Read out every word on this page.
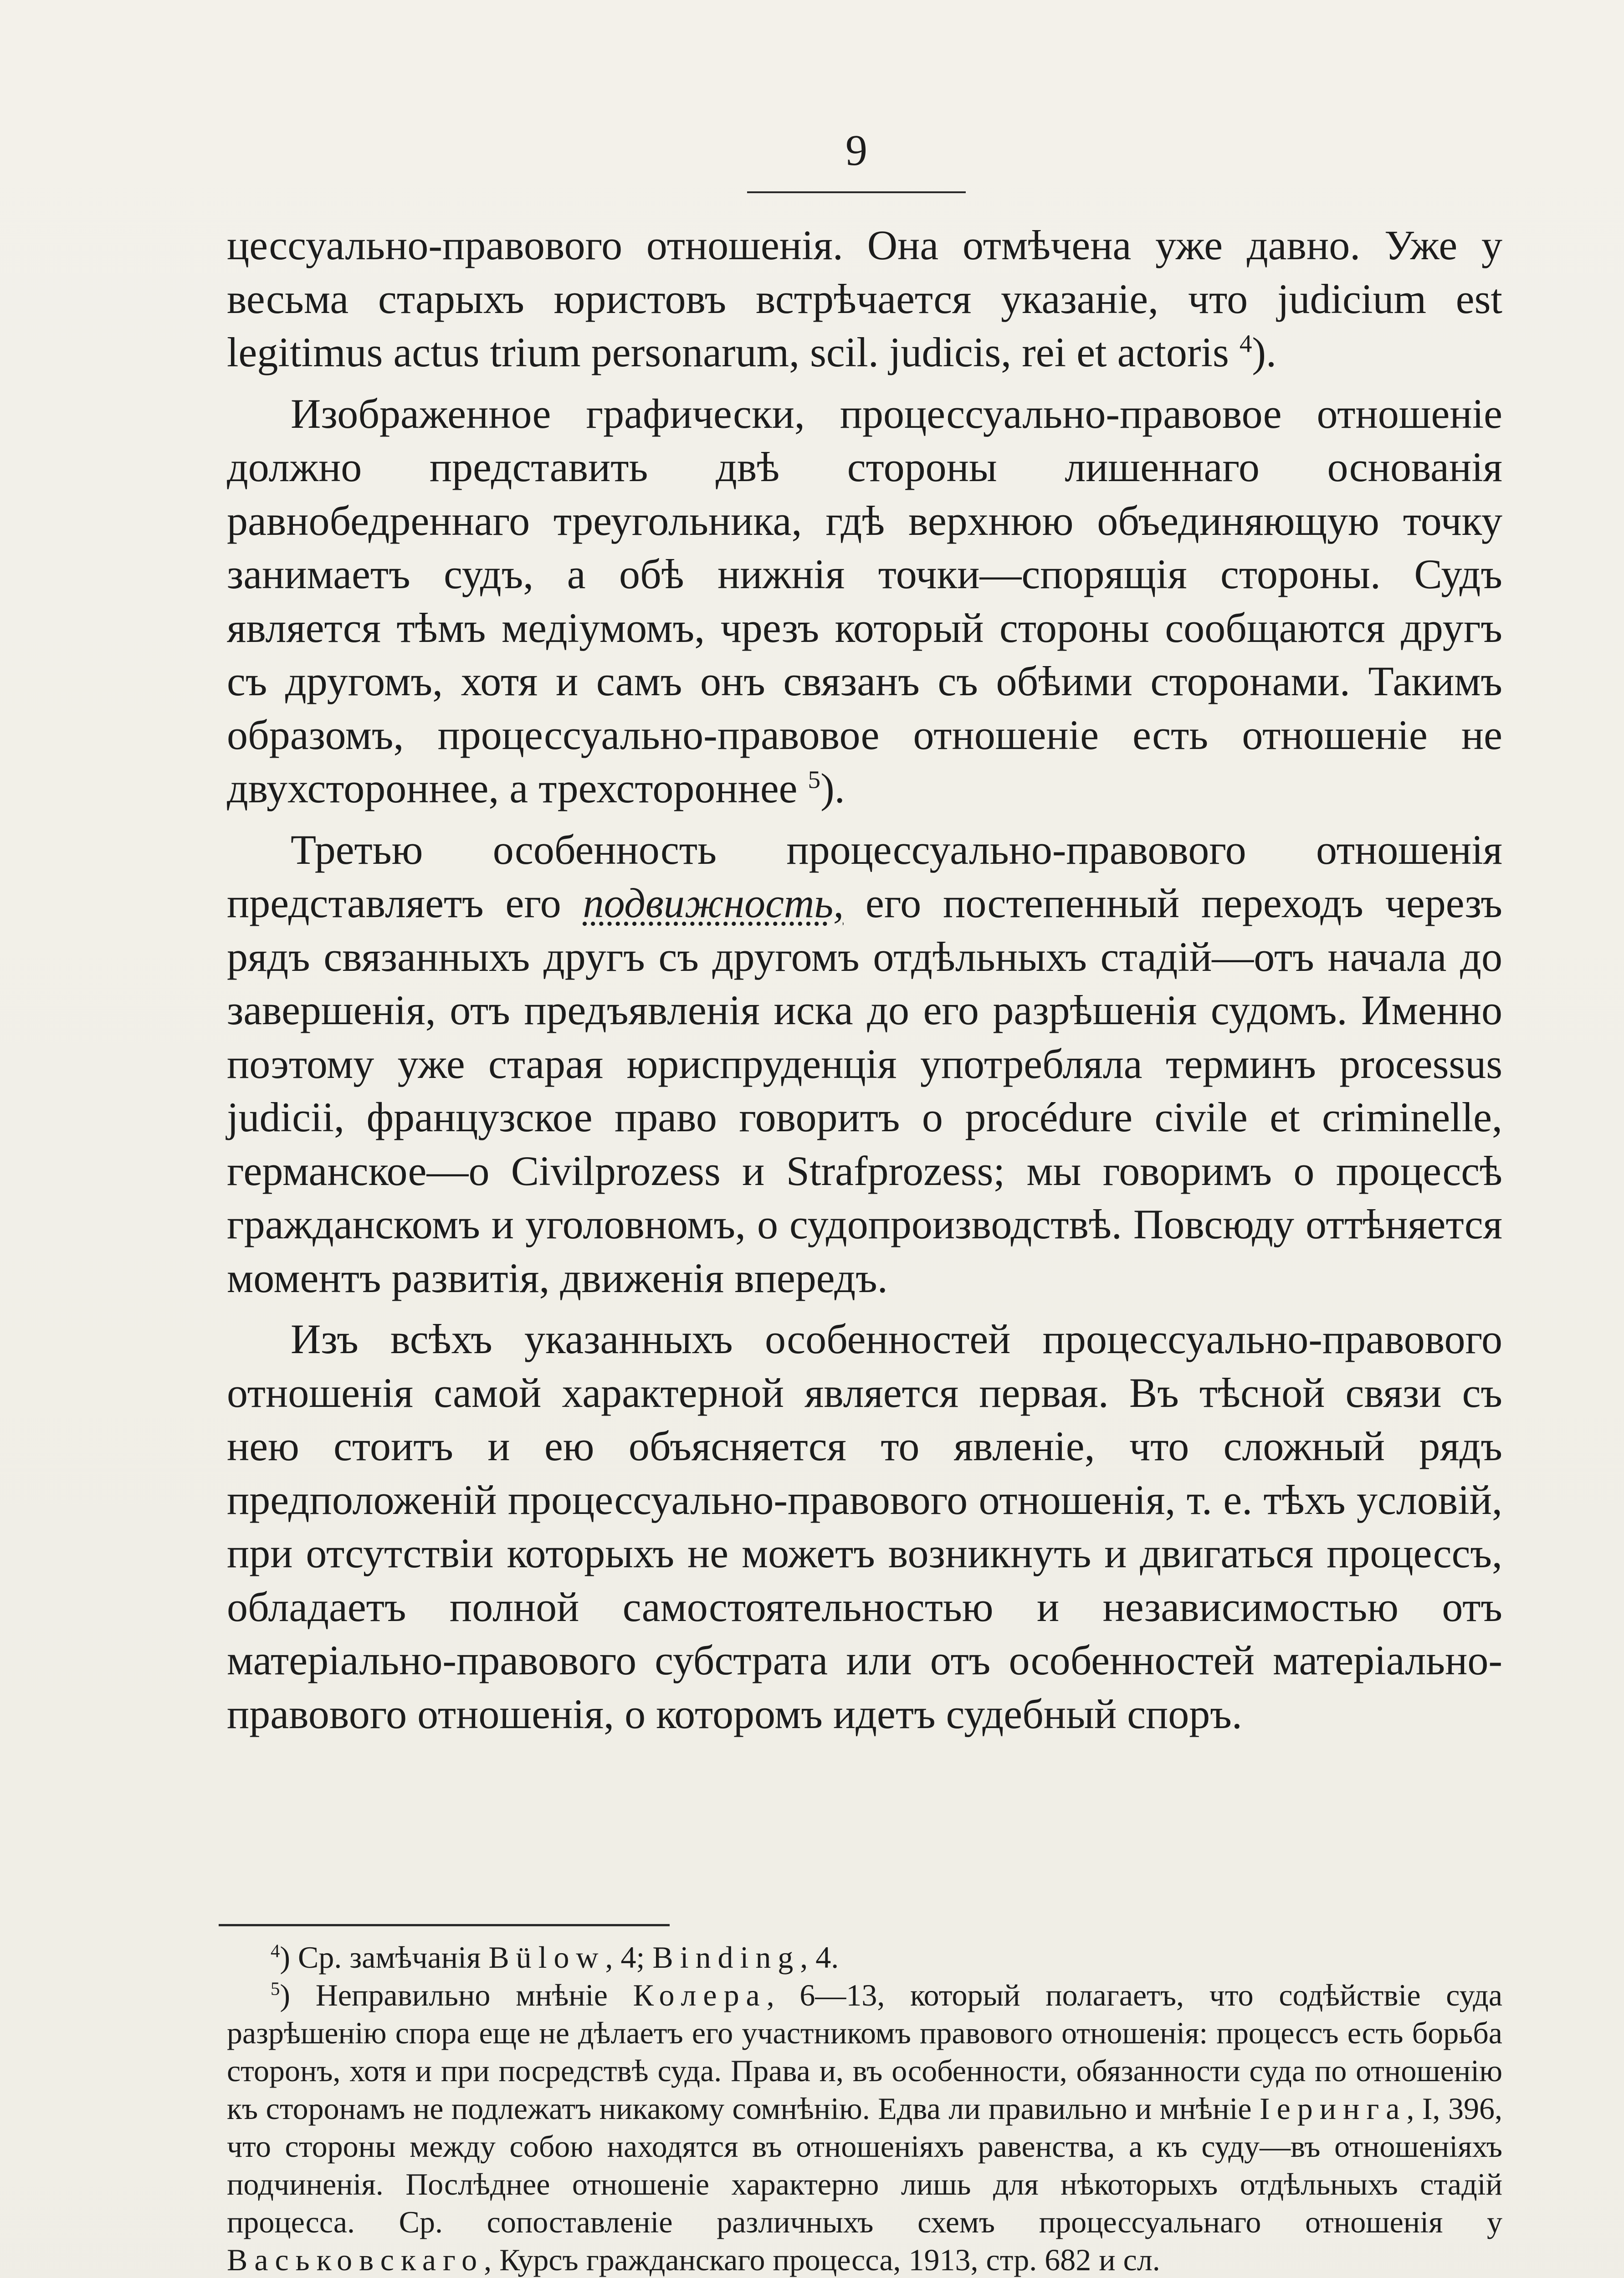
9

цессуально-правового отношенія. Она отмѣчена уже давно. Уже у весьма старыхъ юристовъ встрѣчается указаніе, что judicium est legitimus actus trium personarum, scil. judicis, rei et actoris $^4$).

Изображенное графически, процессуально-правовое отношеніе должно представить двѣ стороны лишеннаго основанія равнобедреннаго треугольника, гдѣ верхнюю объединяющую точку занимаетъ судъ, а обѣ нижнія точки—спорящія стороны. Судъ является тѣмъ медіумомъ, чрезъ который стороны сообщаются другъ съ другомъ, хотя и самъ онъ связанъ съ обѣими сторонами. Такимъ образомъ, процессуально-правовое отношеніе есть отношеніе не двухстороннее, а трехстороннее $^5$).

Третью особенность процессуально-правового отношенія представляетъ его подвижность, его постепенный переходъ черезъ рядъ связанныхъ другъ съ другомъ отдѣльныхъ стадій—отъ начала до завершенія, отъ предъявленія иска до его разрѣшенія судомъ. Именно поэтому уже старая юриспруденція употребляла терминъ processus judicii, французское право говоритъ о procédure civile et criminelle, германское—о Civilprozess и Strafprozess; мы говоримъ о процессѣ гражданскомъ и уголовномъ, о судопроизводствѣ. Повсюду оттѣняется моментъ развитія, движенія впередъ.

Изъ всѣхъ указанныхъ особенностей процессуально-правового отношенія самой характерной является первая. Въ тѣсной связи съ нею стоитъ и ею объясняется то явленіе, что сложный рядъ предположеній процессуально-правового отношенія, т. е. тѣхъ условій, при отсутствіи которыхъ не можетъ возникнуть и двигаться процессъ, обладаетъ полной самостоятельностью и независимостью отъ матеріально-правового субстрата или отъ особенностей матеріально-правового отношенія, о которомъ идетъ судебный споръ.

$^4$) Ср. замѣчанія Bülow, 4; Binding, 4.

$^5$) Неправильно мнѣніе Колера, 6—13, который полагаетъ, что содѣйствіе суда разрѣшенію спора еще не дѣлаетъ его участникомъ правового отношенія: процессъ есть борьба сторонъ, хотя и при посредствѣ суда. Права и, въ особенности, обязанности суда по отношенію къ сторонамъ не подлежатъ никакому сомнѣнію. Едва ли правильно и мнѣніе Іеринга, I, 396, что стороны между собою находятся въ отношеніяхъ равенства, а къ суду—въ отношеніяхъ подчиненія. Послѣднее отношеніе характерно лишь для нѣкоторыхъ отдѣльныхъ стадій процесса. Ср. сопоставленіе различныхъ схемъ процессуальнаго отношенія у Васьковскаго, Курсъ гражданскаго процесса, 1913, стр. 682 и сл.
